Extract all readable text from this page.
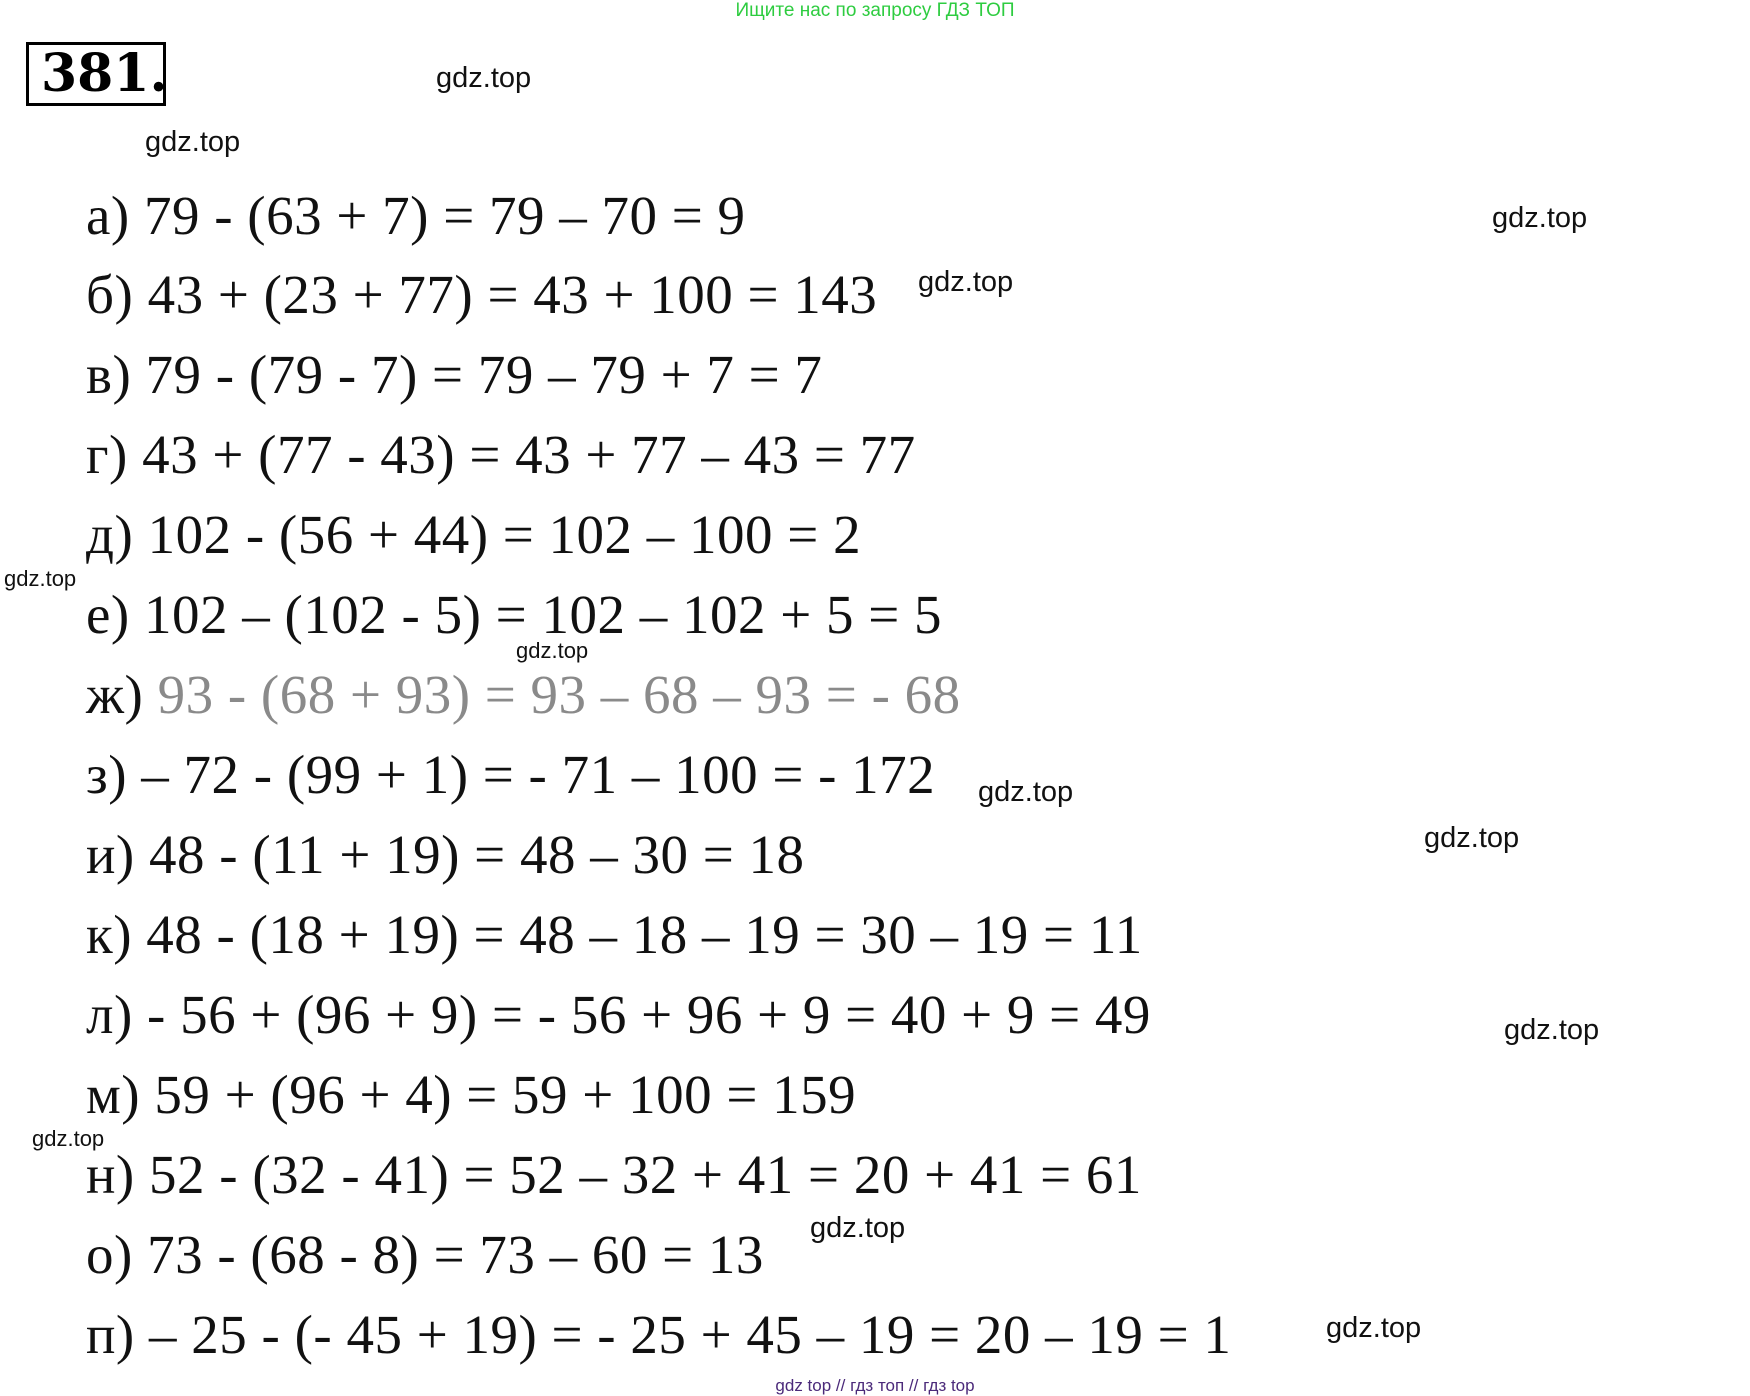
Ищите нас по запросу ГДЗ ТОП
381.	gdz.top
gdz.top
gdz.top
gdz.top
gdz.top
gdz.top
gdz.top
gdz.top
gdz.top
gdz.top
gdz.top
gdz.top
а) 79 - (63 + 7) = 79 – 70 = 9
б) 43 + (23 + 77) = 43 + 100 = 143
в) 79 - (79 - 7) = 79 – 79 + 7 = 7
г) 43 + (77 - 43) = 43 + 77 – 43 = 77
д) 102 - (56 + 44) = 102 – 100 = 2
е) 102 – (102 - 5) = 102 – 102 + 5 = 5
ж) 93 - (68 + 93) = 93 – 68 – 93 = - 68
з) – 72 - (99 + 1) = - 71 – 100 = - 172
и) 48 - (11 + 19) = 48 – 30 = 18
к) 48 - (18 + 19) = 48 – 18 – 19 = 30 – 19 = 11
л) - 56 + (96 + 9) = - 56 + 96 + 9 = 40 + 9 = 49
м) 59 + (96 + 4) = 59 + 100 = 159
н) 52 - (32 - 41) = 52 – 32 + 41 = 20 + 41 = 61
о) 73 - (68 - 8) = 73 – 60 = 13
п) – 25 - (- 45 + 19) = - 25 + 45 – 19 = 20 – 19 = 1
gdz top // гдз топ // гдз top
